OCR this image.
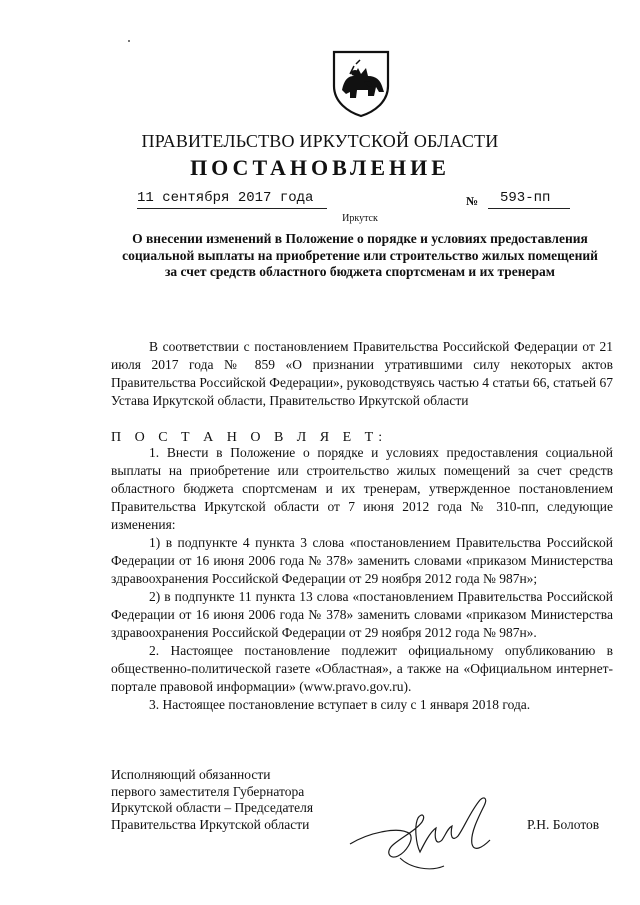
ПРАВИТЕЛЬСТВО ИРКУТСКОЙ ОБЛАСТИ
ПОСТАНОВЛЕНИЕ
11 сентября 2017 года	№	593-пп
Иркутск
О внесении изменений в Положение о порядке и условиях предоставления социальной выплаты на приобретение или строительство жилых помещений за счет средств областного бюджета спортсменам и их тренерам
В соответствии с постановлением Правительства Российской Федерации от 21 июля 2017 года № 859 «О признании утратившими силу некоторых актов Правительства Российской Федерации», руководствуясь частью 4 статьи 66, статьей 67 Устава Иркутской области, Правительство Иркутской области
П О С Т А Н О В Л Я Е Т:
1. Внести в Положение о порядке и условиях предоставления социальной выплаты на приобретение или строительство жилых помещений за счет средств областного бюджета спортсменам и их тренерам, утвержденное постановлением Правительства Иркутской области от 7 июня 2012 года № 310-пп, следующие изменения:
1) в подпункте 4 пункта 3 слова «постановлением Правительства Российской Федерации от 16 июня 2006 года № 378» заменить словами «приказом Министерства здравоохранения Российской Федерации от 29 ноября 2012 года № 987н»;
2) в подпункте 11 пункта 13 слова «постановлением Правительства Российской Федерации от 16 июня 2006 года № 378» заменить словами «приказом Министерства здравоохранения Российской Федерации от 29 ноября 2012 года № 987н».
2. Настоящее постановление подлежит официальному опубликованию в общественно-политической газете «Областная», а также на «Официальном интернет-портале правовой информации» (www.pravo.gov.ru).
3. Настоящее постановление вступает в силу с 1 января 2018 года.
Исполняющий обязанности
первого заместителя Губернатора
Иркутской области – Председателя
Правительства Иркутской области	Р.Н. Болотов
